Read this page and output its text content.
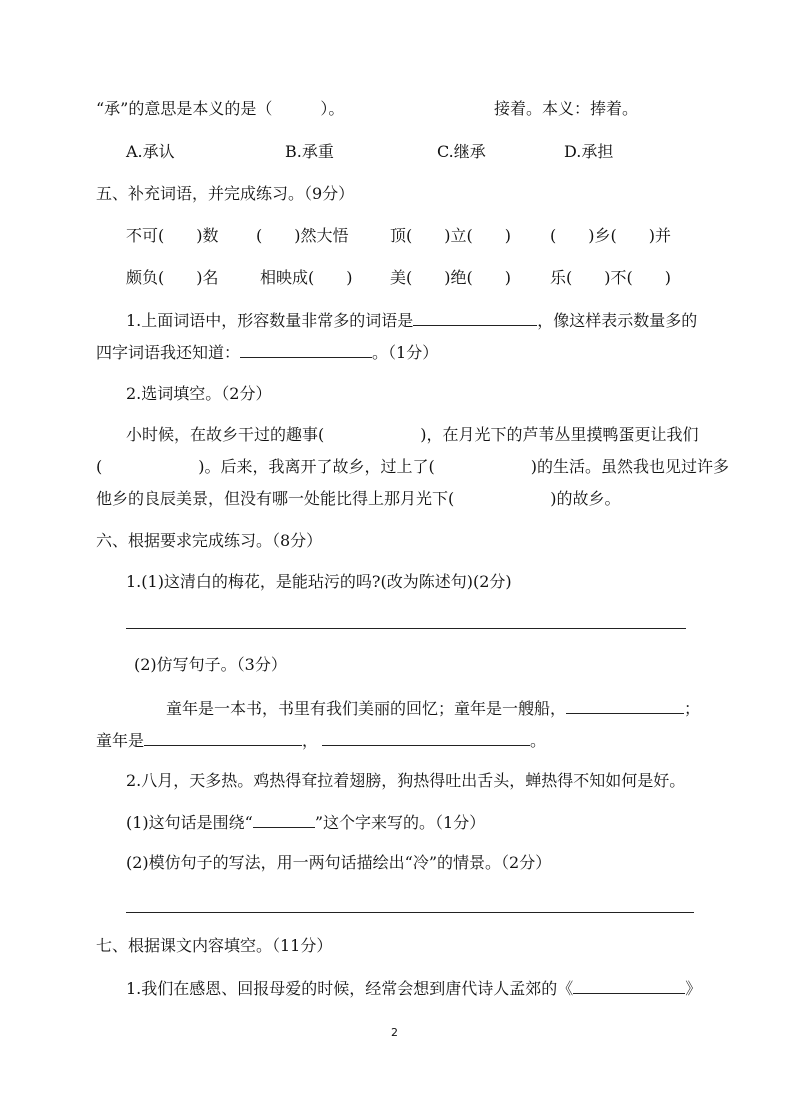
“承”的意思是本义的是（　　　）。	接着。本义：捧着。
A.承认	B.承重	C.继承	D.承担
五、补充词语，并完成练习。（9分）
不可(　　)数 (　　)然大悟	顶(　　)立(　　) (　　)乡(　　)并
颇负(　　)名	相映成(　　) 美(　　)绝(　　) 乐(　　)不(　　)
1.上面词语中，形容数量非常多的词语是	，像这样表示数量多的
四字词语我还知道：	。（1分）
2.选词填空。（2分）
小时候，在故乡干过的趣事(　　　　　　)，在月光下的芦苇丛里摸鸭蛋更让我们
(　　　　　　)。后来，我离开了故乡，过上了(　　　　　　)的生活。虽然我也见过许多
他乡的良辰美景，但没有哪一处能比得上那月光下(　　　　　　)的故乡。
六、根据要求完成练习。（8分）
1.(1)这清白的梅花，是能玷污的吗?(改为陈述句)(2分)
(2)仿写句子。（3分）
童年是一本书，书里有我们美丽的回忆；童年是一艘船，	；
童年是	，	。
2.八月，天多热。鸡热得耷拉着翅膀，狗热得吐出舌头，蝉热得不知如何是好。
(1)这句话是围绕“	”这个字来写的。（1分）
(2)模仿句子的写法，用一两句话描绘出“冷”的情景。（2分）
七、根据课文内容填空。（11分）
1.我们在感恩、回报母爱的时候，经常会想到唐代诗人孟郊的《	》
2
